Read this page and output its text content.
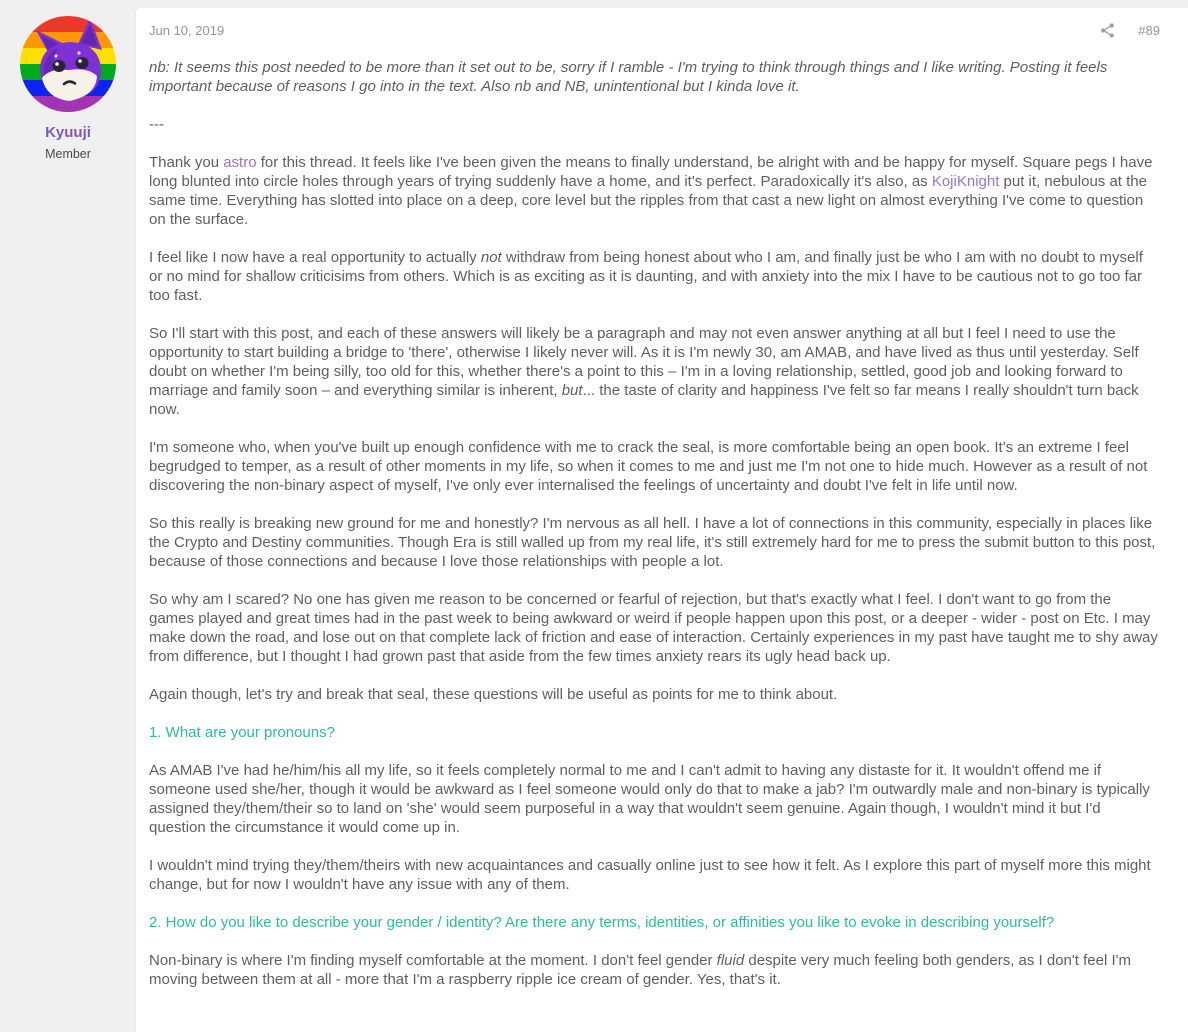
Kyuuji
Member
Jun 10, 2019	#89
nb: It seems this post needed to be more than it set out to be, sorry if I ramble - I'm trying to think through things and I like writing. Posting it feels important because of reasons I go into in the text. Also nb and NB, unintentional but I kinda love it.
---
Thank you astro for this thread. It feels like I've been given the means to finally understand, be alright with and be happy for myself. Square pegs I have long blunted into circle holes through years of trying suddenly have a home, and it's perfect. Paradoxically it's also, as KojiKnight put it, nebulous at the same time. Everything has slotted into place on a deep, core level but the ripples from that cast a new light on almost everything I've come to question on the surface.
I feel like I now have a real opportunity to actually not withdraw from being honest about who I am, and finally just be who I am with no doubt to myself or no mind for shallow criticisims from others. Which is as exciting as it is daunting, and with anxiety into the mix I have to be cautious not to go too far too fast.
So I'll start with this post, and each of these answers will likely be a paragraph and may not even answer anything at all but I feel I need to use the opportunity to start building a bridge to 'there', otherwise I likely never will. As it is I'm newly 30, am AMAB, and have lived as thus until yesterday. Self doubt on whether I'm being silly, too old for this, whether there's a point to this – I'm in a loving relationship, settled, good job and looking forward to marriage and family soon – and everything similar is inherent, but... the taste of clarity and happiness I've felt so far means I really shouldn't turn back now.
I'm someone who, when you've built up enough confidence with me to crack the seal, is more comfortable being an open book. It's an extreme I feel begrudged to temper, as a result of other moments in my life, so when it comes to me and just me I'm not one to hide much. However as a result of not discovering the non-binary aspect of myself, I've only ever internalised the feelings of uncertainty and doubt I've felt in life until now.
So this really is breaking new ground for me and honestly? I'm nervous as all hell. I have a lot of connections in this community, especially in places like the Crypto and Destiny communities. Though Era is still walled up from my real life, it's still extremely hard for me to press the submit button to this post, because of those connections and because I love those relationships with people a lot.
So why am I scared? No one has given me reason to be concerned or fearful of rejection, but that's exactly what I feel. I don't want to go from the games played and great times had in the past week to being awkward or weird if people happen upon this post, or a deeper - wider - post on Etc. I may make down the road, and lose out on that complete lack of friction and ease of interaction. Certainly experiences in my past have taught me to shy away from difference, but I thought I had grown past that aside from the few times anxiety rears its ugly head back up.
Again though, let's try and break that seal, these questions will be useful as points for me to think about.
1. What are your pronouns?
As AMAB I've had he/him/his all my life, so it feels completely normal to me and I can't admit to having any distaste for it. It wouldn't offend me if someone used she/her, though it would be awkward as I feel someone would only do that to make a jab? I'm outwardly male and non-binary is typically assigned they/them/their so to land on 'she' would seem purposeful in a way that wouldn't seem genuine. Again though, I wouldn't mind it but I'd question the circumstance it would come up in.
I wouldn't mind trying they/them/theirs with new acquaintances and casually online just to see how it felt. As I explore this part of myself more this might change, but for now I wouldn't have any issue with any of them.
2. How do you like to describe your gender / identity? Are there any terms, identities, or affinities you like to evoke in describing yourself?
Non-binary is where I'm finding myself comfortable at the moment. I don't feel gender fluid despite very much feeling both genders, as I don't feel I'm moving between them at all - more that I'm a raspberry ripple ice cream of gender. Yes, that's it.
